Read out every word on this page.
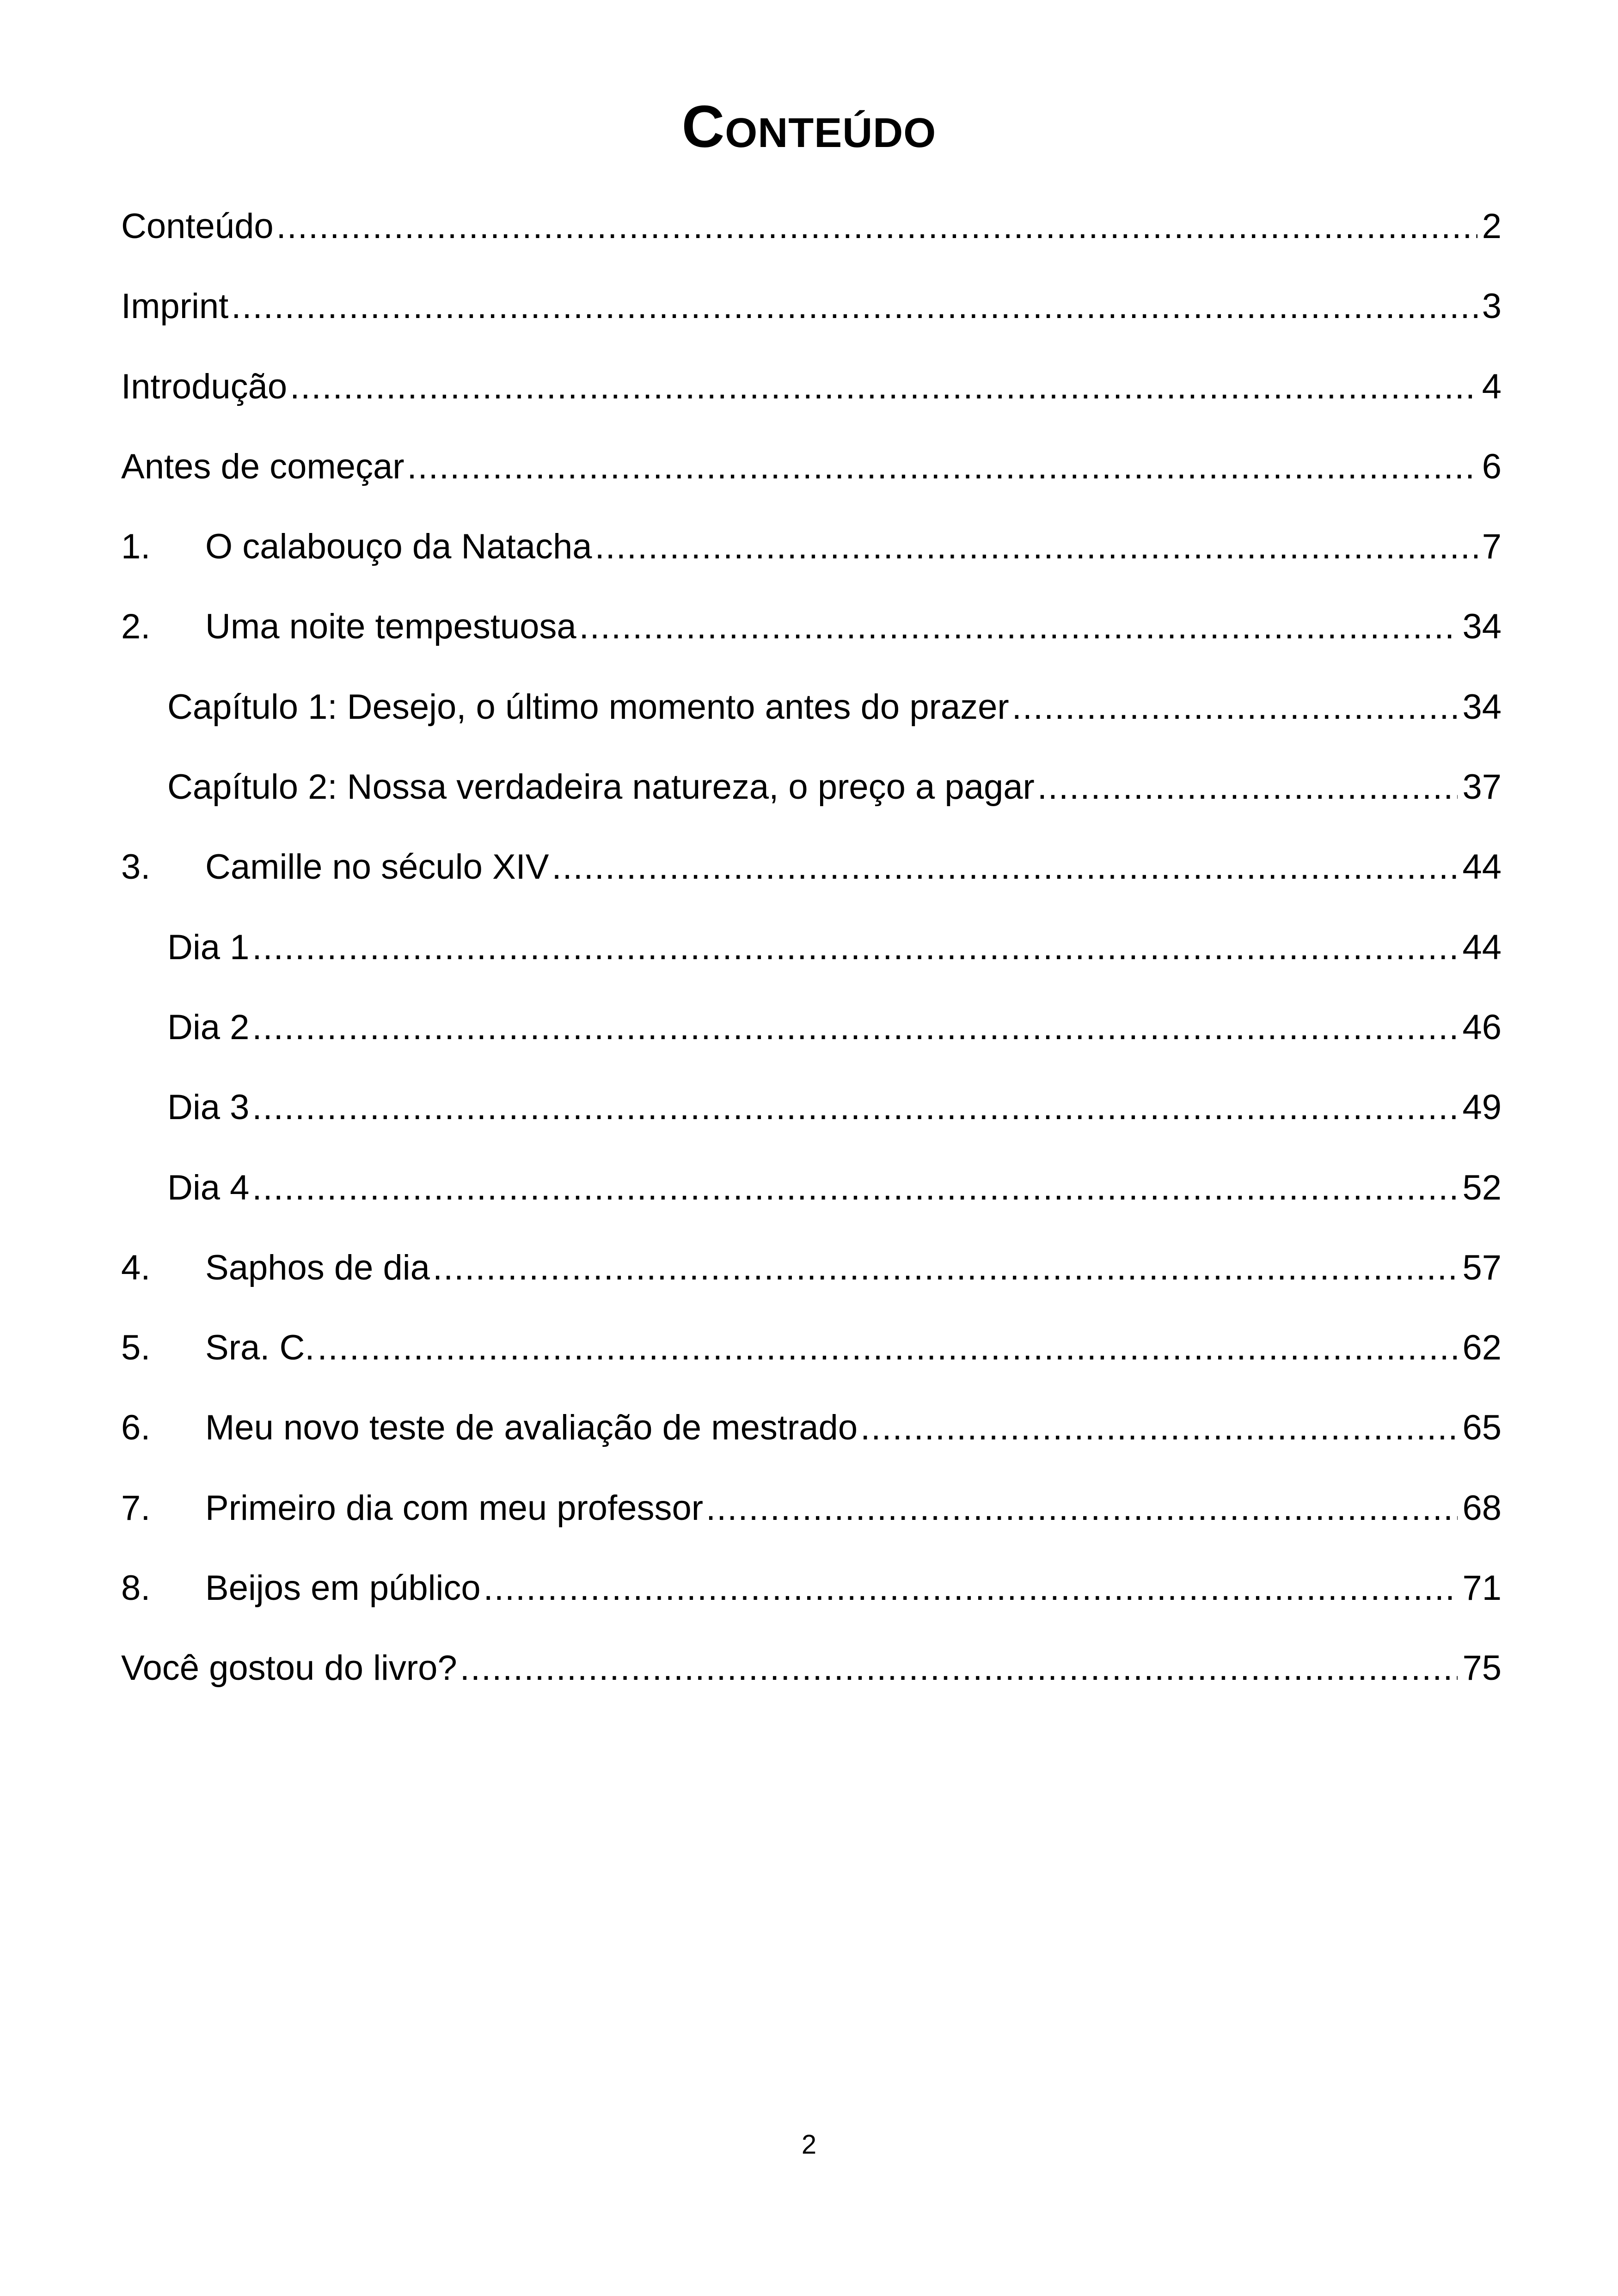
Conteúdo
Conteúdo .....	2
Imprint .....	3
Introdução .....	4
Antes de começar .....	6
1.	O calabouço da Natacha .....	7
2.	Uma noite tempestuosa .....	34
Capítulo 1: Desejo, o último momento antes do prazer .....	34
Capítulo 2: Nossa verdadeira natureza, o preço a pagar .....	37
3.	Camille no século XIV .....	44
Dia 1 .....	44
Dia 2 .....	46
Dia 3 .....	49
Dia 4 .....	52
4.	Saphos de dia .....	57
5.	Sra. C. .....	62
6.	Meu novo teste de avaliação de mestrado .....	65
7.	Primeiro dia com meu professor .....	68
8.	Beijos em público .....	71
Você gostou do livro? .....	75
2
